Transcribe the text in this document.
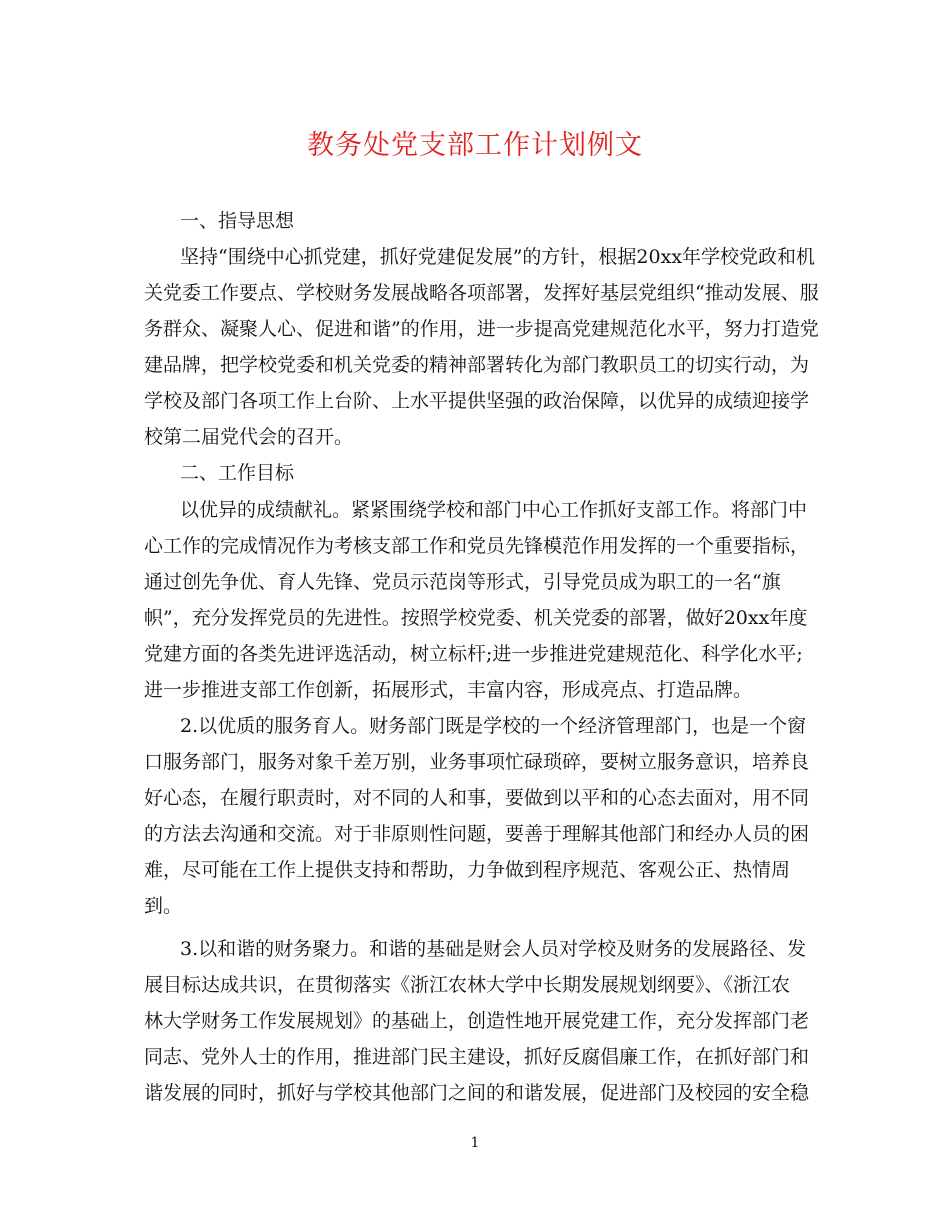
教务处党支部工作计划例文
一、指导思想
坚持“围绕中心抓党建，抓好党建促发展”的方针，根据20xx年学校党政和机
关党委工作要点、学校财务发展战略各项部署，发挥好基层党组织“推动发展、服
务群众、凝聚人心、促进和谐”的作用，进一步提高党建规范化水平，努力打造党
建品牌，把学校党委和机关党委的精神部署转化为部门教职员工的切实行动，为
学校及部门各项工作上台阶、上水平提供坚强的政治保障，以优异的成绩迎接学
校第二届党代会的召开。
二、工作目标
以优异的成绩献礼。紧紧围绕学校和部门中心工作抓好支部工作。将部门中
心工作的完成情况作为考核支部工作和党员先锋模范作用发挥的一个重要指标，
通过创先争优、育人先锋、党员示范岗等形式，引导党员成为职工的一名“旗
帜”，充分发挥党员的先进性。按照学校党委、机关党委的部署，做好20xx年度
党建方面的各类先进评选活动，树立标杆;进一步推进党建规范化、科学化水平;
进一步推进支部工作创新，拓展形式，丰富内容，形成亮点、打造品牌。
2.以优质的服务育人。财务部门既是学校的一个经济管理部门，也是一个窗
口服务部门，服务对象千差万别，业务事项忙碌琐碎，要树立服务意识，培养良
好心态，在履行职责时，对不同的人和事，要做到以平和的心态去面对，用不同
的方法去沟通和交流。对于非原则性问题，要善于理解其他部门和经办人员的困
难，尽可能在工作上提供支持和帮助，力争做到程序规范、客观公正、热情周
到。
3.以和谐的财务聚力。和谐的基础是财会人员对学校及财务的发展路径、发
展目标达成共识，在贯彻落实《浙江农林大学中长期发展规划纲要》、《浙江农
林大学财务工作发展规划》的基础上，创造性地开展党建工作，充分发挥部门老
同志、党外人士的作用，推进部门民主建设，抓好反腐倡廉工作，在抓好部门和
谐发展的同时，抓好与学校其他部门之间的和谐发展，促进部门及校园的安全稳
1
